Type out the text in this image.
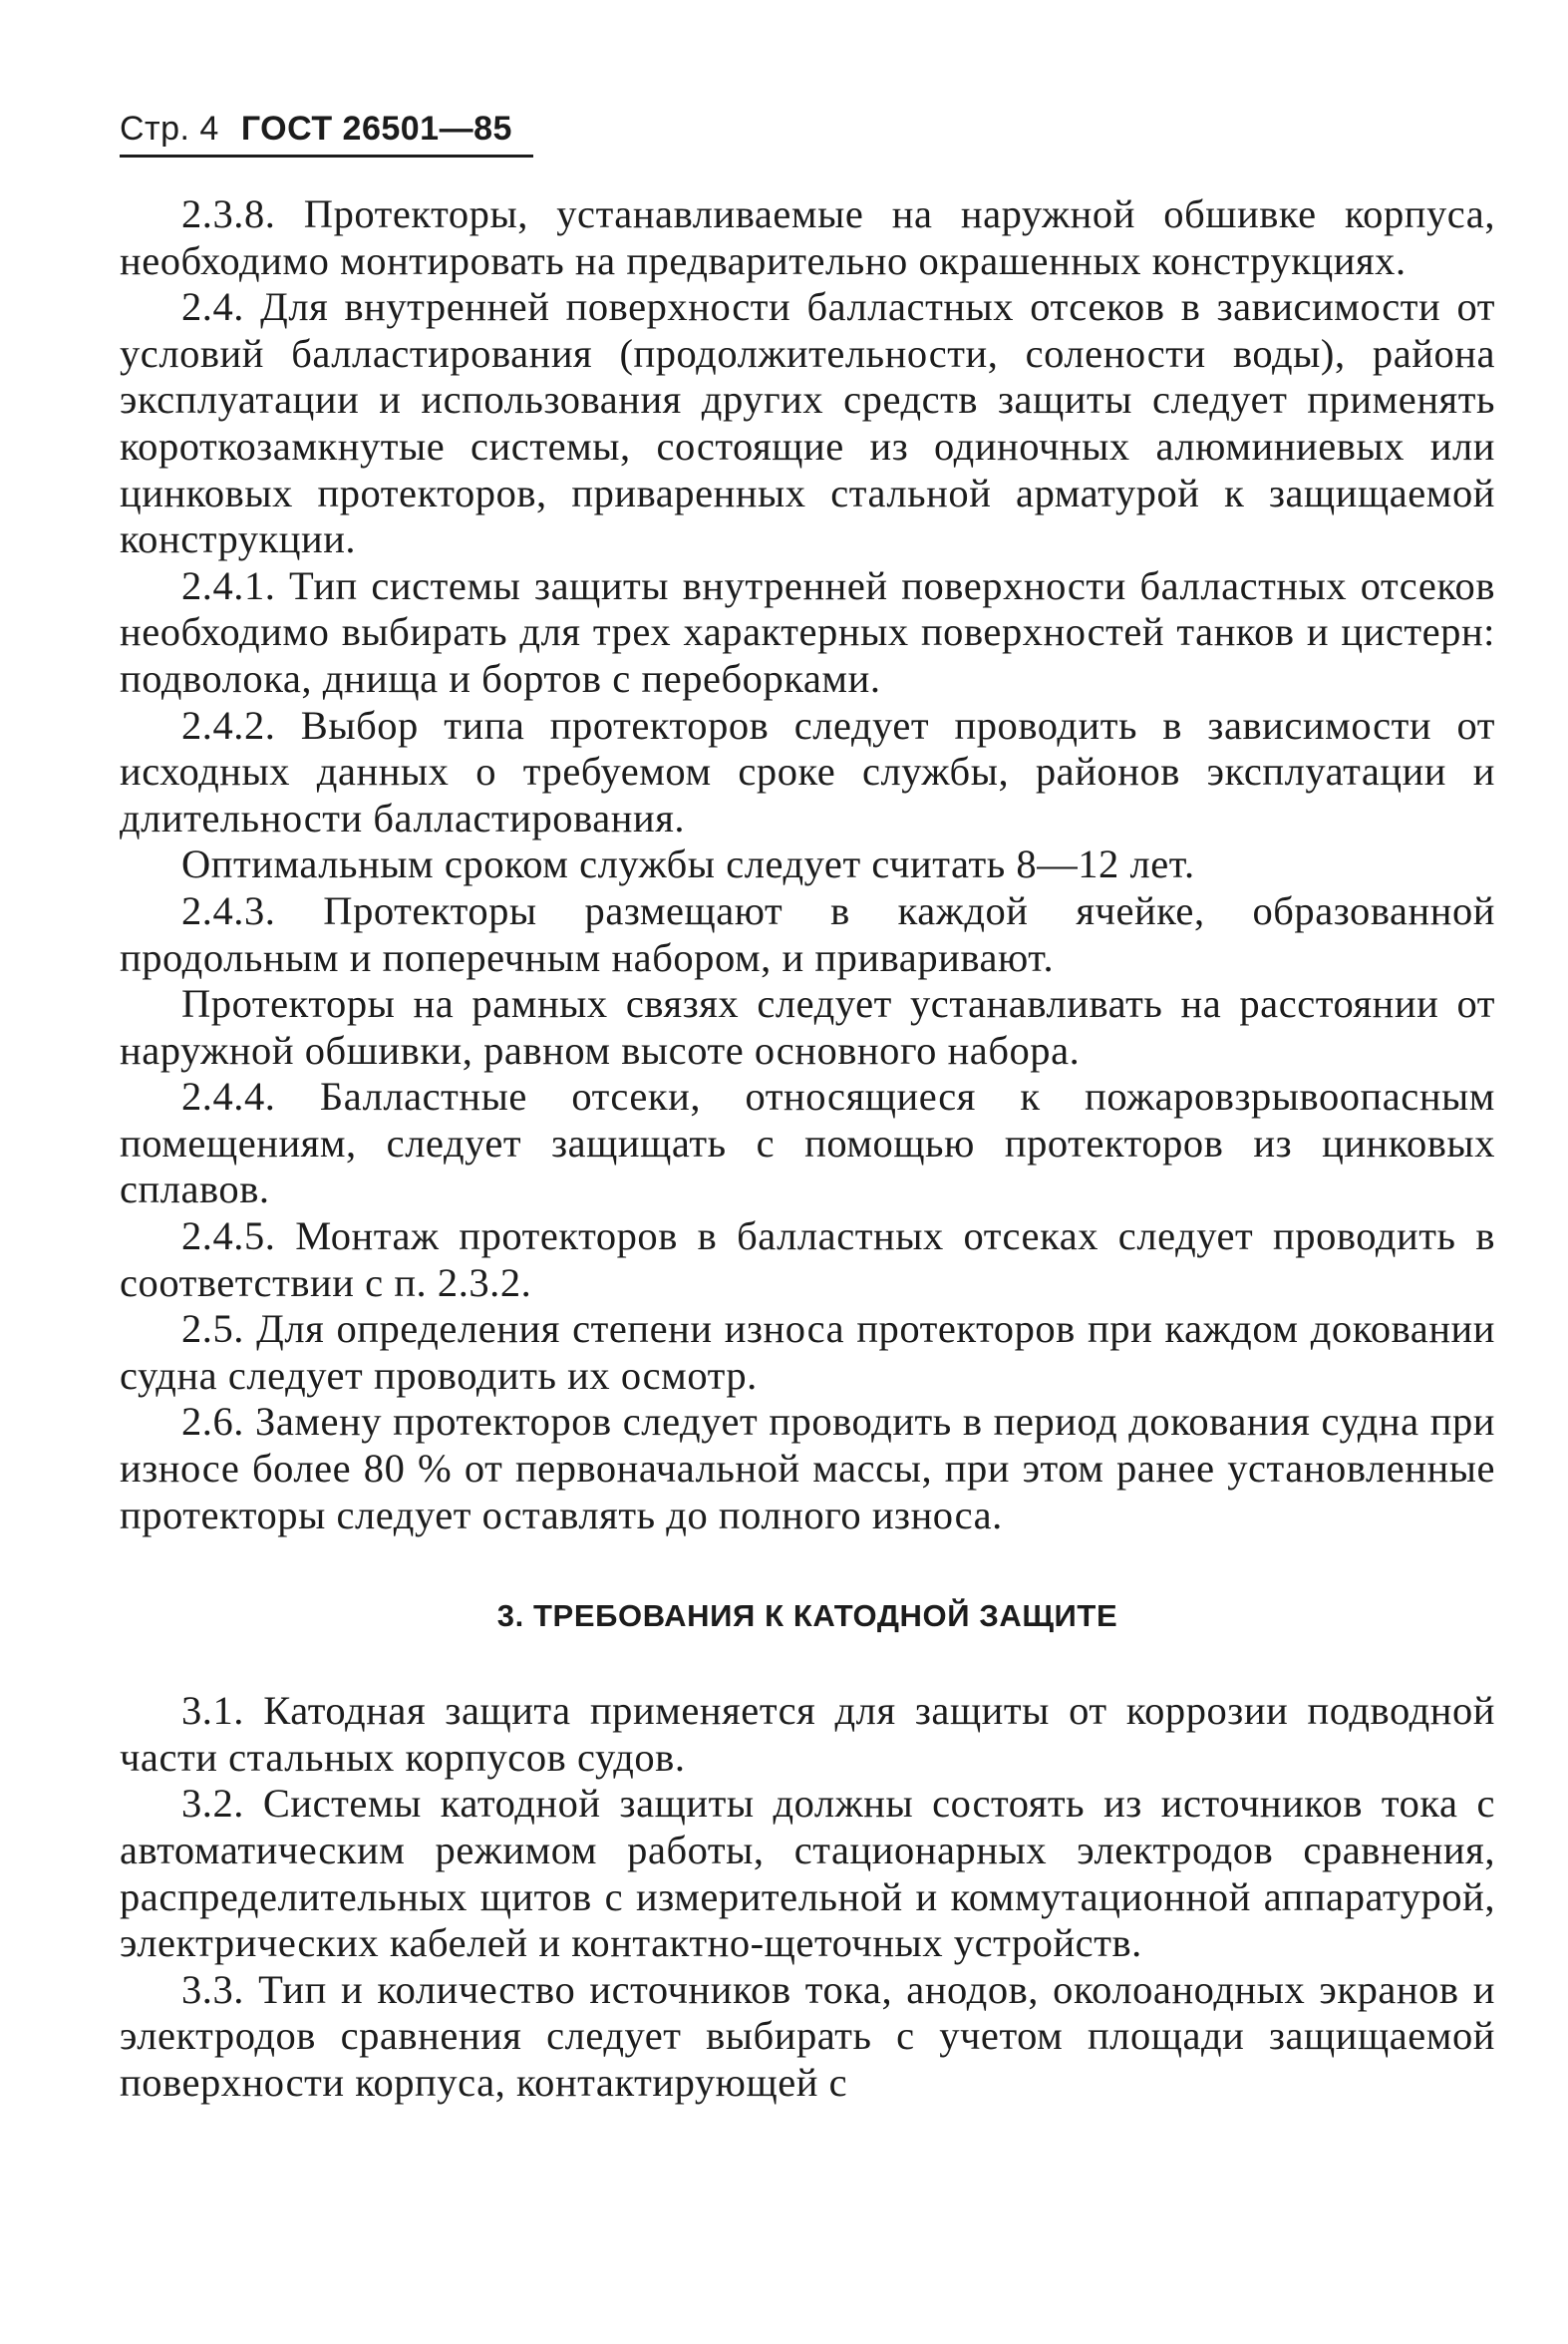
Стр. 4 ГОСТ 26501—85

2.3.8. Протекторы, устанавливаемые на наружной обшивке корпуса, необходимо монтировать на предварительно окрашенных конструкциях.

2.4. Для внутренней поверхности балластных отсеков в зависимости от условий балластирования (продолжительности, солености воды), района эксплуатации и использования других средств защиты следует применять короткозамкнутые системы, состоящие из одиночных алюминиевых или цинковых протекторов, приваренных стальной арматурой к защищаемой конструкции.

2.4.1. Тип системы защиты внутренней поверхности балластных отсеков необходимо выбирать для трех характерных поверхностей танков и цистерн: подволока, днища и бортов с переборками.

2.4.2. Выбор типа протекторов следует проводить в зависимости от исходных данных о требуемом сроке службы, районов эксплуатации и длительности балластирования.

Оптимальным сроком службы следует считать 8—12 лет.

2.4.3. Протекторы размещают в каждой ячейке, образованной продольным и поперечным набором, и приваривают.

Протекторы на рамных связях следует устанавливать на расстоянии от наружной обшивки, равном высоте основного набора.

2.4.4. Балластные отсеки, относящиеся к пожаровзрывоопасным помещениям, следует защищать с помощью протекторов из цинковых сплавов.

2.4.5. Монтаж протекторов в балластных отсеках следует проводить в соответствии с п. 2.3.2.

2.5. Для определения степени износа протекторов при каждом доковании судна следует проводить их осмотр.

2.6. Замену протекторов следует проводить в период докования судна при износе более 80 % от первоначальной массы, при этом ранее установленные протекторы следует оставлять до полного износа.

3. ТРЕБОВАНИЯ К КАТОДНОЙ ЗАЩИТЕ

3.1. Катодная защита применяется для защиты от коррозии подводной части стальных корпусов судов.

3.2. Системы катодной защиты должны состоять из источников тока с автоматическим режимом работы, стационарных электродов сравнения, распределительных щитов с измерительной и коммутационной аппаратурой, электрических кабелей и контактно-щеточных устройств.

3.3. Тип и количество источников тока, анодов, околоанодных экранов и электродов сравнения следует выбирать с учетом площади защищаемой поверхности корпуса, контактирующей с
